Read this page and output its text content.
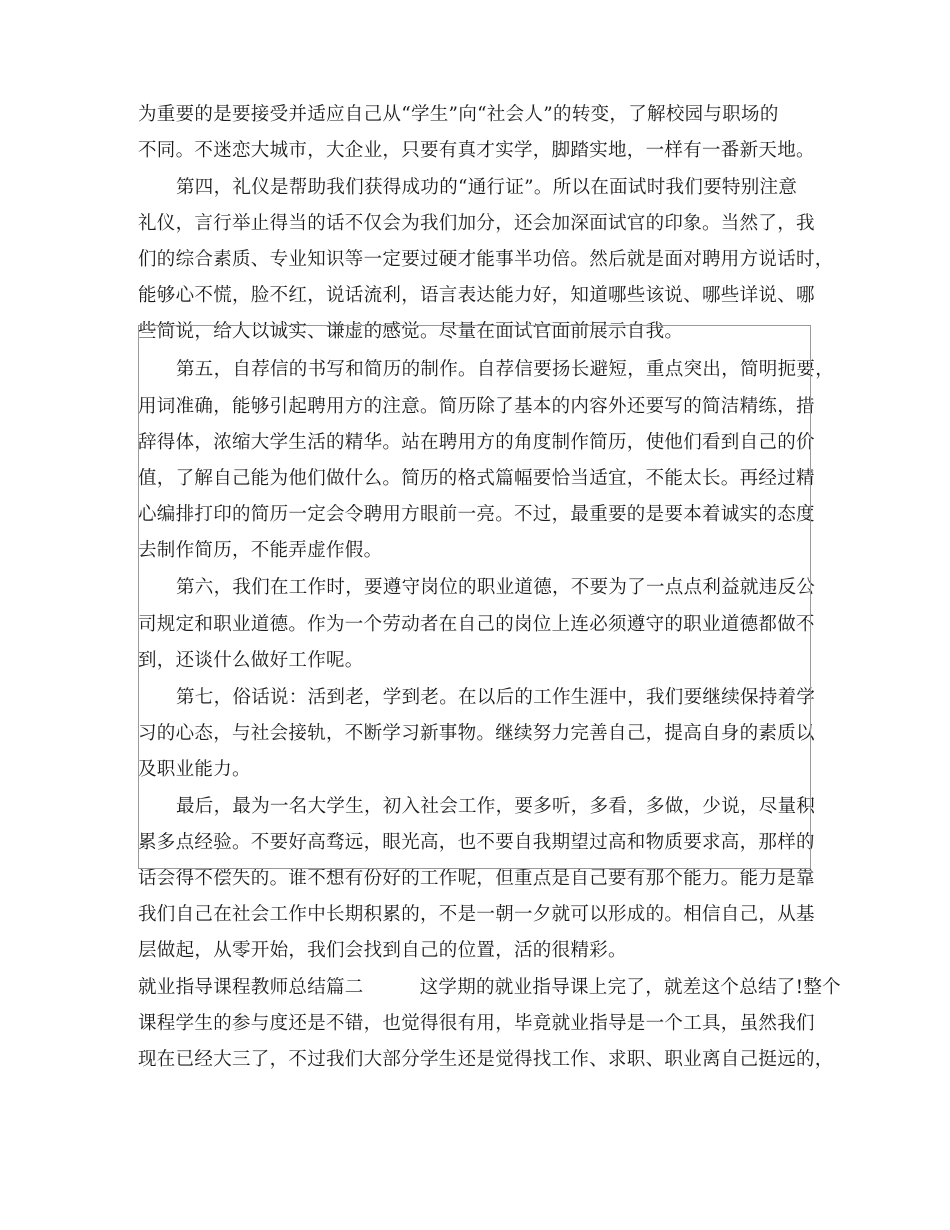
为重要的是要接受并适应自己从“学生”向“社会人”的转变，了解校园与职场的
不同。不迷恋大城市，大企业，只要有真才实学，脚踏实地，一样有一番新天地。
第四，礼仪是帮助我们获得成功的“通行证”。所以在面试时我们要特别注意
礼仪，言行举止得当的话不仅会为我们加分，还会加深面试官的印象。当然了，我
们的综合素质、专业知识等一定要过硬才能事半功倍。然后就是面对聘用方说话时，
能够心不慌，脸不红，说话流利，语言表达能力好，知道哪些该说、哪些详说、哪
些简说，给人以诚实、谦虚的感觉。尽量在面试官面前展示自我。
第五，自荐信的书写和简历的制作。自荐信要扬长避短，重点突出，简明扼要，
用词准确，能够引起聘用方的注意。简历除了基本的内容外还要写的简洁精练，措
辞得体，浓缩大学生活的精华。站在聘用方的角度制作简历，使他们看到自己的价
值，了解自己能为他们做什么。简历的格式篇幅要恰当适宜，不能太长。再经过精
心编排打印的简历一定会令聘用方眼前一亮。不过，最重要的是要本着诚实的态度
去制作简历，不能弄虚作假。
第六，我们在工作时，要遵守岗位的职业道德，不要为了一点点利益就违反公
司规定和职业道德。作为一个劳动者在自己的岗位上连必须遵守的职业道德都做不
到，还谈什么做好工作呢。
第七，俗话说：活到老，学到老。在以后的工作生涯中，我们要继续保持着学
习的心态，与社会接轨，不断学习新事物。继续努力完善自己，提高自身的素质以
及职业能力。
最后，最为一名大学生，初入社会工作，要多听，多看，多做，少说，尽量积
累多点经验。不要好高骛远，眼光高，也不要自我期望过高和物质要求高，那样的
话会得不偿失的。谁不想有份好的工作呢，但重点是自己要有那个能力。能力是靠
我们自己在社会工作中长期积累的，不是一朝一夕就可以形成的。相信自己，从基
层做起，从零开始，我们会找到自己的位置，活的很精彩。
就业指导课程教师总结篇二	这学期的就业指导课上完了，就差这个总结了!整个
课程学生的参与度还是不错，也觉得很有用，毕竟就业指导是一个工具，虽然我们
现在已经大三了，不过我们大部分学生还是觉得找工作、求职、职业离自己挺远的，
